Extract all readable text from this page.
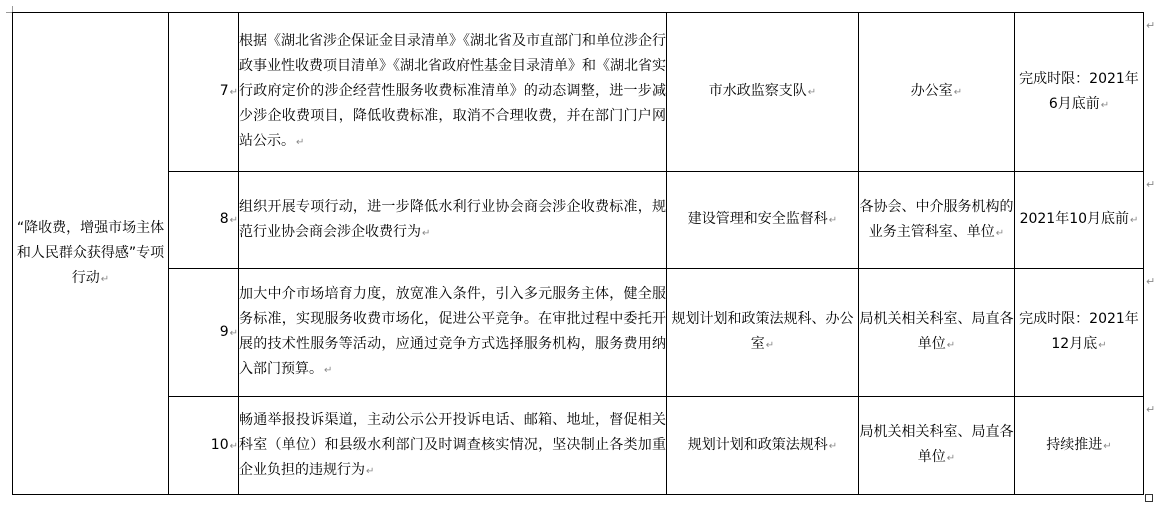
“降收费，增强市场主体和人民群众获得感”专项行动↵	7↵	根据《湖北省涉企保证金目录清单》《湖北省及市直部门和单位涉企行政事业性收费项目清单》《湖北省政府性基金目录清单》和《湖北省实行政府定价的涉企经营性服务收费标准清单》的动态调整，进一步减少涉企收费项目，降低收费标准，取消不合理收费，并在部门门户网站公示。↵	市水政监察支队↵	办公室↵	完成时限：2021年6月底前↵
	8↵	组织开展专项行动，进一步降低水利行业协会商会涉企收费标准，规范行业协会商会涉企收费行为↵	建设管理和安全监督科↵	各协会、中介服务机构的业务主管科室、单位↵	2021年10月底前↵
	9↵	加大中介市场培育力度，放宽准入条件，引入多元服务主体，健全服务标准，实现服务收费市场化，促进公平竞争。在审批过程中委托开展的技术性服务等活动，应通过竞争方式选择服务机构，服务费用纳入部门预算。↵	规划计划和政策法规科、办公室↵	局机关相关科室、局直各单位↵	完成时限：2021年12月底↵
	10↵	畅通举报投诉渠道，主动公示公开投诉电话、邮箱、地址，督促相关科室（单位）和县级水利部门及时调查核实情况，坚决制止各类加重企业负担的违规行为↵	规划计划和政策法规科↵	局机关相关科室、局直各单位↵	持续推进↵
↵
↵
↵
↵
